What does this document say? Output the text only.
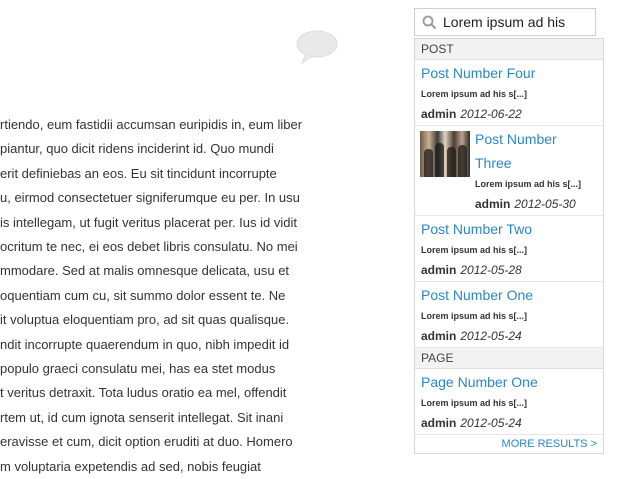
rtiendo, eum fastidii accumsan euripidis in, eum liber

piantur, quo dicit ridens inciderint id. Quo mundi

erit definiebas an eos. Eu sit tincidunt incorrupte

u, eirmod consectetuer signiferumque eu per. In usu

is intellegam, ut fugit veritus placerat per. Ius id vidit

ocritum te nec, ei eos debet libris consulatu. No mei

mmodare. Sed at malis omnesque delicata, usu et

oquentiam cum cu, sit summo dolor essent te. Ne

it voluptua eloquentiam pro, ad sit quas qualisque.

ndit incorrupte quaerendum in quo, nibh impedit id

populo graeci consulatu mei, has ea stet modus

t veritus detraxit. Tota ludus oratio ea mel, offendit

rtem ut, id cum ignota senserit intellegat. Sit inani

eravisse et cum, dicit option eruditi at duo. Homero

m voluptaria expetendis ad sed, nobis feugiat

Lorem ipsum ad his
POST
Post Number Four
Lorem ipsum ad his s[...]
admin 2012-06-22
Post Number
Three
Lorem ipsum ad his s[...]
admin 2012-05-30
Post Number Two
Lorem ipsum ad his s[...]
admin 2012-05-28
Post Number One
Lorem ipsum ad his s[...]
admin 2012-05-24
PAGE
Page Number One
Lorem ipsum ad his s[...]
admin 2012-05-24
MORE RESULTS >
